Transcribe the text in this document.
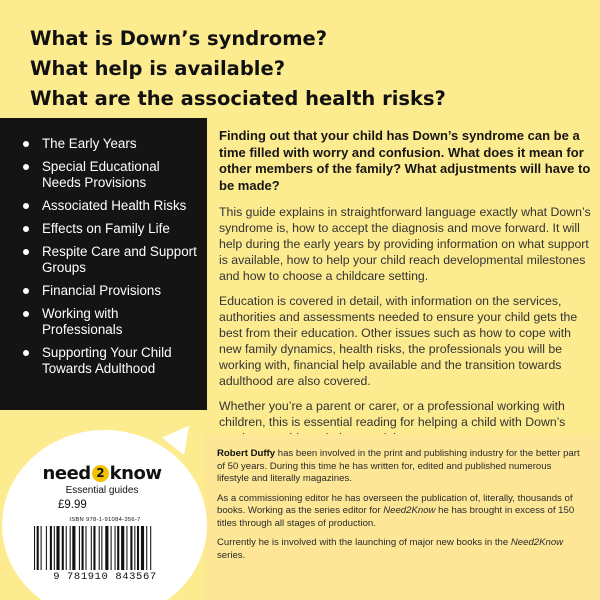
What is Down’s syndrome?
What help is available?
What are the associated health risks?
The Early Years
Special Educational Needs Provisions
Associated Health Risks
Effects on Family Life
Respite Care and Support Groups
Financial Provisions
Working with Professionals
Supporting Your Child Towards Adulthood

Finding out that your child has Down’s syndrome can be a time filled with worry and confusion. What does it mean for other members of the family? What adjustments will have to be made?

This guide explains in straightforward language exactly what Down’s syndrome is, how to accept the diagnosis and move forward. It will help during the early years by providing information on what support is available, how to help your child reach developmental milestones and how to choose a childcare setting.

Education is covered in detail, with information on the services, authorities and assessments needed to ensure your child gets the best from their education. Other issues such as how to cope with new family dynamics, health risks, the professionals you will be working with, financial help available and the transition towards adulthood are also covered.

Whether you’re a parent or carer, or a professional working with children, this is essential reading for helping a child with Down’s

Robert Duffy has been involved in the print and publishing industry for the better part of 50 years. During this time he has written for, edited and published numerous lifestyle and literally magazines.

As a commissioning editor he has overseen the publication of, literally, thousands of books. Working as the series editor for Need2Know he has brought in excess of 150 titles through all stages of production.

Currently he is involved with the launching of major new books in the Need2Know series.

need 2 know
Essential guides
£9.99
ISBN 978-1-91084-356-7
9 781910 843567
